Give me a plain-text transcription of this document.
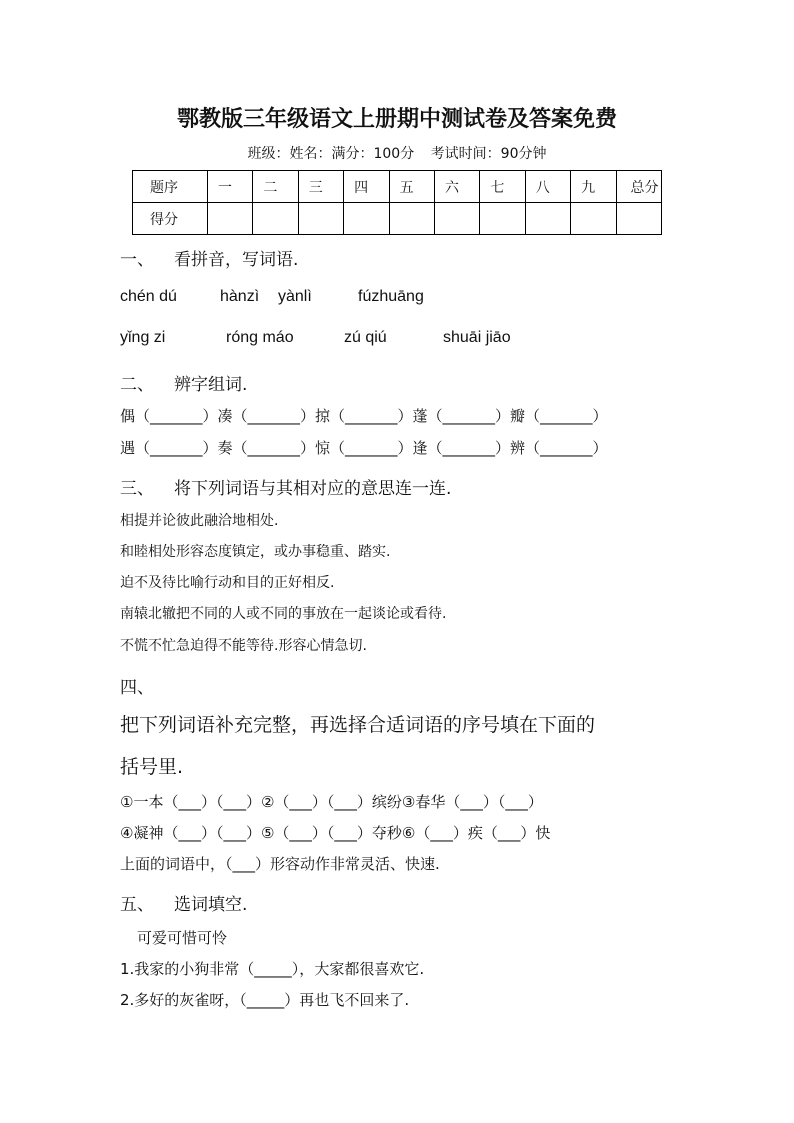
鄂教版三年级语文上册期中测试卷及答案免费
班级：姓名：满分：100分 考试时间：90分钟
题序	一	二	三	四	五	六	七	八	九	总分
得分										
一、 看拼音，写词语.
chén dú	hànzì yànlì	fúzhuāng
yǐng zi	róng máo	zú qiú	shuāi jiāo
二、 辨字组词.
偶（_______）凑（_______）掠（_______）蓬（_______）瓣（_______）
遇（_______）奏（_______）惊（_______）逢（_______）辨（_______）
三、 将下列词语与其相对应的意思连一连.
相提并论彼此融洽地相处.
和睦相处形容态度镇定，或办事稳重、踏实.
迫不及待比喻行动和目的正好相反.
南辕北辙把不同的人或不同的事放在一起谈论或看待.
不慌不忙急迫得不能等待.形容心情急切.
四、
把下列词语补充完整，再选择合适词语的序号填在下面的
括号里.
①一本（___）（___）②（___）（___）缤纷③春华（___）（___）
④凝神（___）（___）⑤（___）（___）夺秒⑥（___）疾（___）快
上面的词语中，（___）形容动作非常灵活、快速.
五、 选词填空.
可爱可惜可怜
1.我家的小狗非常（_____），大家都很喜欢它.
2.多好的灰雀呀，（_____）再也飞不回来了.
